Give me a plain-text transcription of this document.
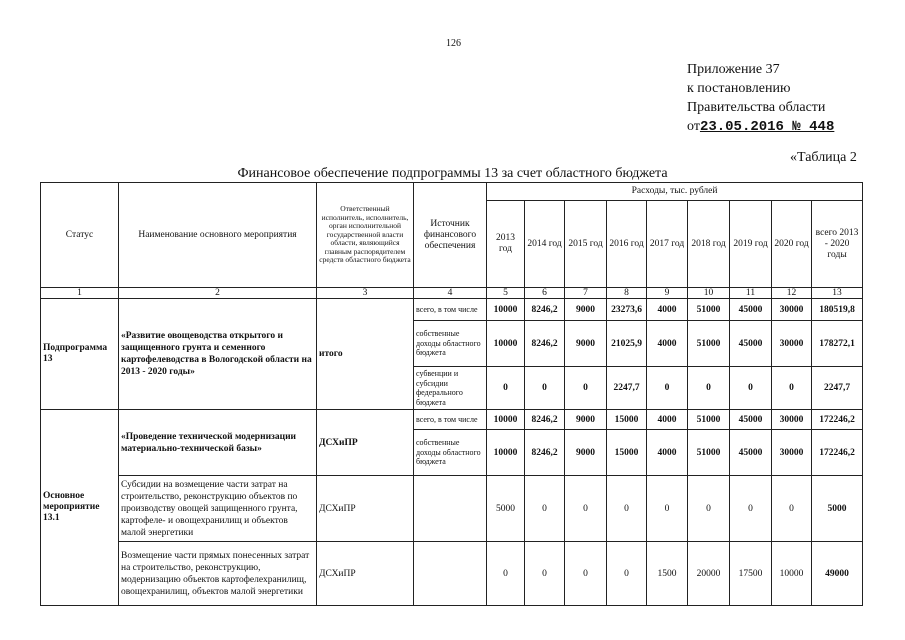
126
Приложение 37
к постановлению
Правительства области
от23.05.2016 № 448
«Таблица 2
Финансовое обеспечение подпрограммы 13 за счет областного бюджета
Статус	Наименование основного мероприятия	Ответственный исполнитель, исполнитель, орган исполнительной государственной власти области, являющийся главным распорядителем средств областного бюджета	Источник финансового обеспечения	Расходы, тыс. рублей								
				2013 год	2014 год	2015 год	2016 год	2017 год	2018 год	2019 год	2020 год	всего 2013 - 2020 годы
1	2	3	4	5	6	7	8	9	10	11	12	13
Подпрограмма 13	«Развитие овощеводства открытого и защищенного грунта и семенного картофелеводства в Вологодской области на 2013 - 2020 годы»	итого	всего, в том числе	10000	8246,2	9000	23273,6	4000	51000	45000	30000	180519,8
			собственные доходы областного бюджета	10000	8246,2	9000	21025,9	4000	51000	45000	30000	178272,1
			субвенции и субсидии федерального бюджета	0	0	0	2247,7	0	0	0	0	2247,7
Основное мероприятие 13.1	«Проведение технической модернизации материально-технической базы»	ДСХиПР	всего, в том числе	10000	8246,2	9000	15000	4000	51000	45000	30000	172246,2
			собственные доходы областного бюджета	10000	8246,2	9000	15000	4000	51000	45000	30000	172246,2
	Субсидии на возмещение части затрат на строительство, реконструкцию объектов по производству овощей защищенного грунта, картофеле- и овощехранилищ и объектов малой энергетики	ДСХиПР		5000	0	0	0	0	0	0	0	5000
	Возмещение части прямых понесенных затрат на строительство, реконструкцию, модернизацию объектов картофелехранилищ, овощехранилищ, объектов малой энергетики	ДСХиПР		0	0	0	0	1500	20000	17500	10000	49000
